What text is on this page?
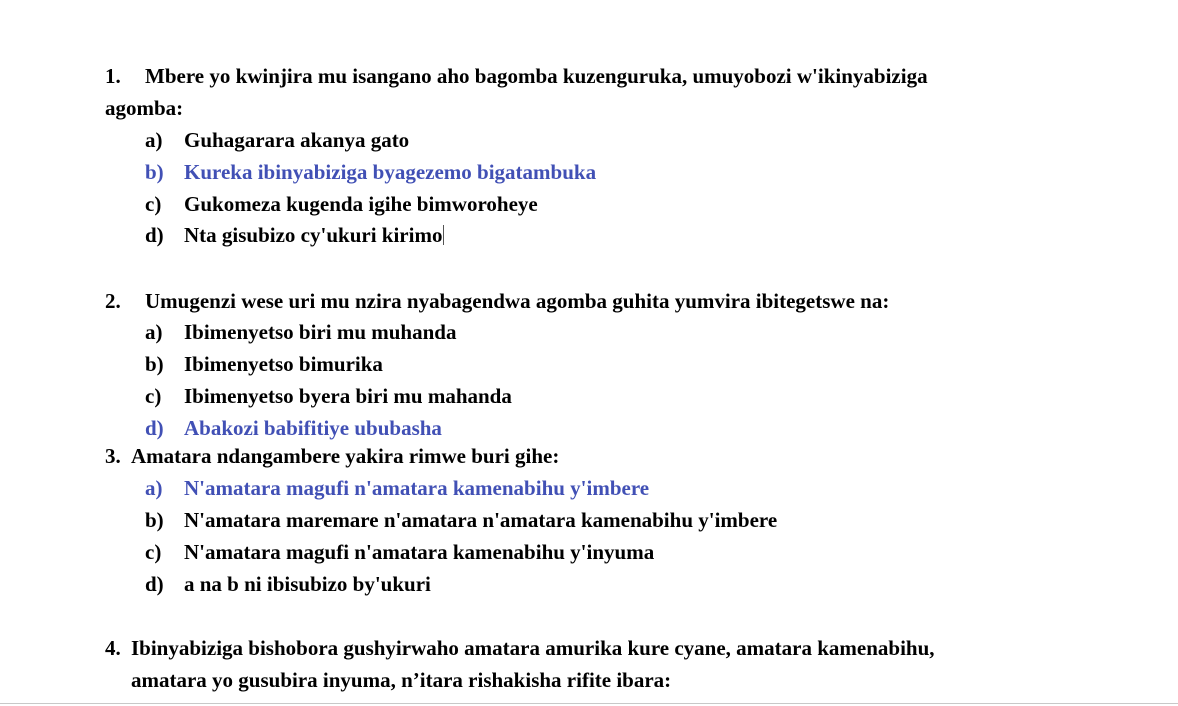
1. Mbere yo kwinjira mu isangano aho bagomba kuzenguruka, umuyobozi w'ikinyabiziga
agomba:
a) Guhagarara akanya gato
b) Kureka ibinyabiziga byagezemo bigatambuka
c) Gukomeza kugenda igihe bimworoheye
d) Nta gisubizo cy'ukuri kirimo
2. Umugenzi wese uri mu nzira nyabagendwa agomba guhita yumvira ibitegetswe na:
a) Ibimenyetso biri mu muhanda
b) Ibimenyetso bimurika
c) Ibimenyetso byera biri mu mahanda
d) Abakozi babifitiye ububasha
3. Amatara ndangambere yakira rimwe buri gihe:
a) N'amatara magufi n'amatara kamenabihu y'imbere
b) N'amatara maremare n'amatara n'amatara kamenabihu y'imbere
c) N'amatara magufi n'amatara kamenabihu y'inyuma
d) a na b ni ibisubizo by'ukuri
4. Ibinyabiziga bishobora gushyirwaho amatara amurika kure cyane, amatara kamenabihu,
amatara yo gusubira inyuma, n’itara rishakisha rifite ibara:
